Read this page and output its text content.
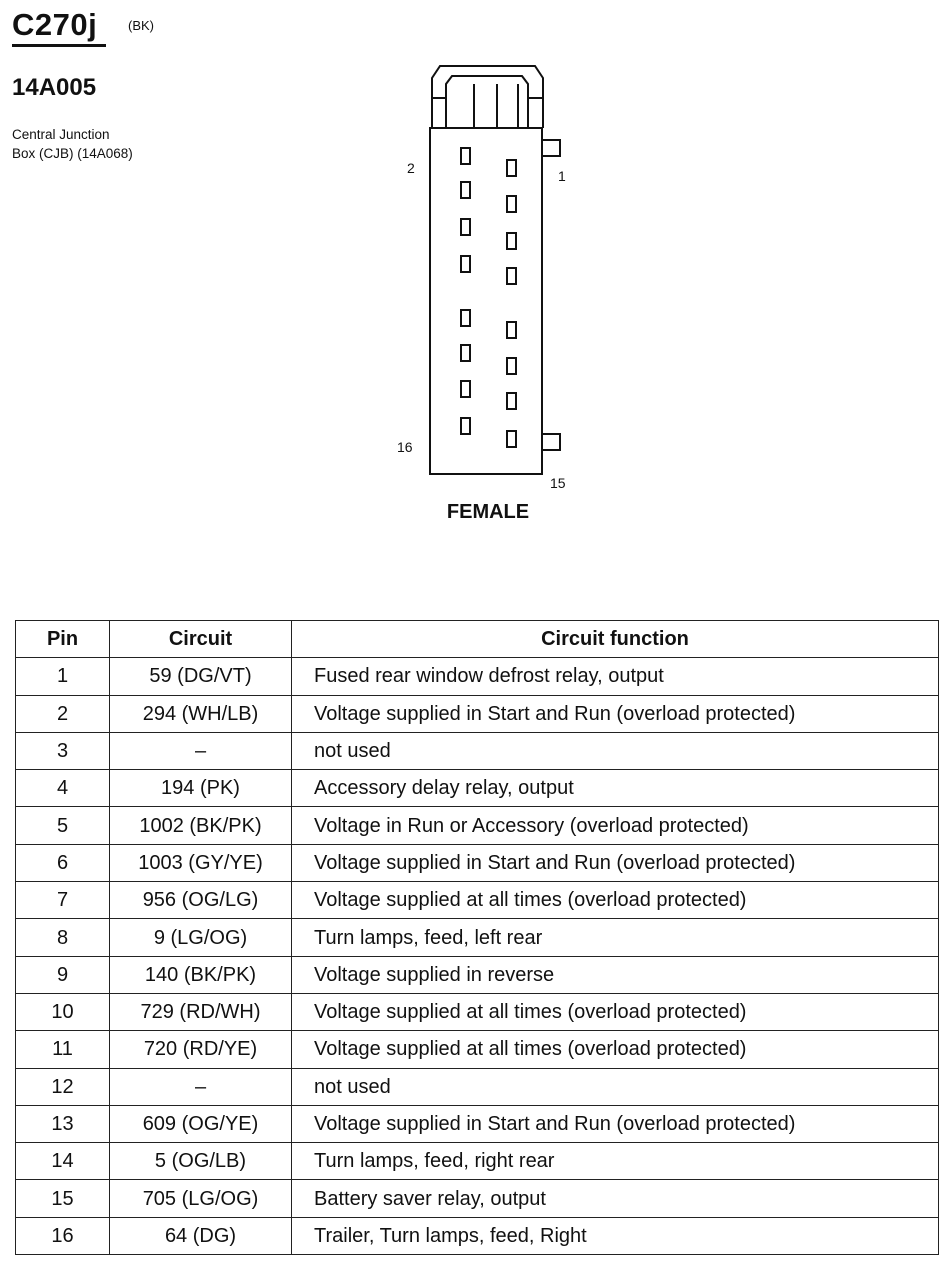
C270j (BK)
14A005
Central Junction
Box (CJB) (14A068)
2	1
16
15
FEMALE
Pin	Circuit	Circuit function
1	59 (DG/VT)	Fused rear window defrost relay, output
2	294 (WH/LB)	Voltage supplied in Start and Run (overload protected)
3	–	not used
4	194 (PK)	Accessory delay relay, output
5	1002 (BK/PK)	Voltage in Run or Accessory (overload protected)
6	1003 (GY/YE)	Voltage supplied in Start and Run (overload protected)
7	956 (OG/LG)	Voltage supplied at all times (overload protected)
8	9 (LG/OG)	Turn lamps, feed, left rear
9	140 (BK/PK)	Voltage supplied in reverse
10	729 (RD/WH)	Voltage supplied at all times (overload protected)
11	720 (RD/YE)	Voltage supplied at all times (overload protected)
12	–	not used
13	609 (OG/YE)	Voltage supplied in Start and Run (overload protected)
14	5 (OG/LB)	Turn lamps, feed, right rear
15	705 (LG/OG)	Battery saver relay, output
16	64 (DG)	Trailer, Turn lamps, feed, Right
